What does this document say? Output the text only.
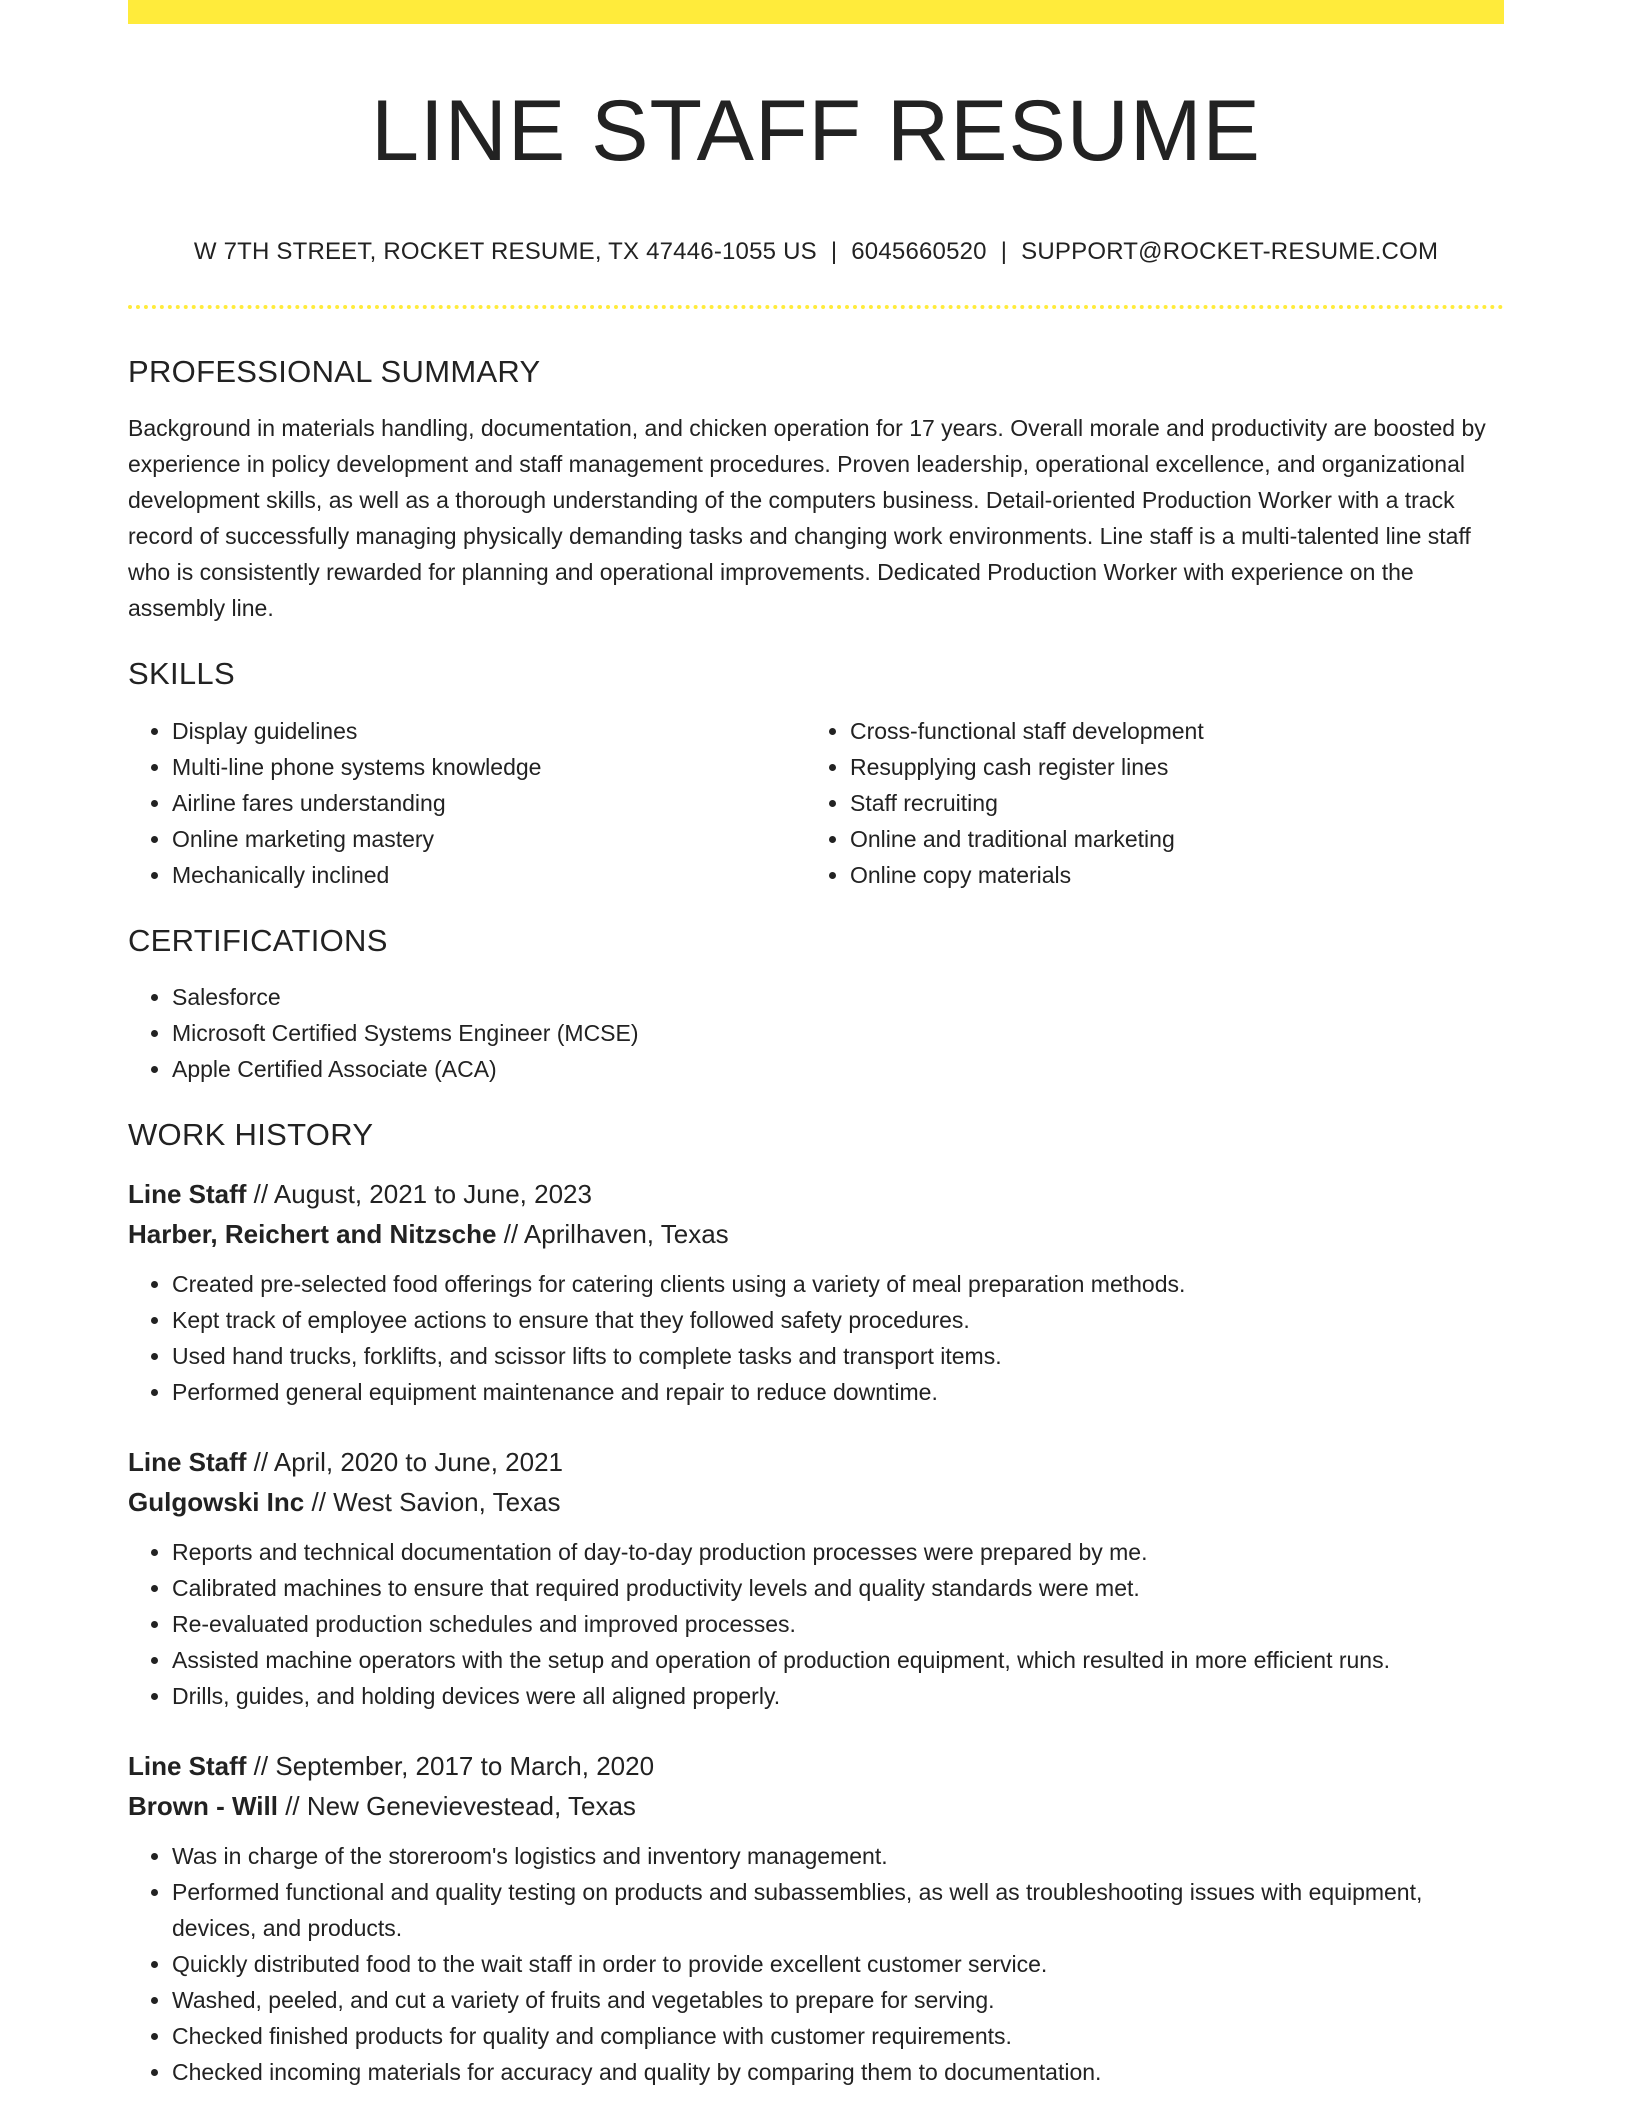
LINE STAFF RESUME
W 7TH STREET, ROCKET RESUME, TX 47446-1055 US | 6045660520 | SUPPORT@ROCKET-RESUME.COM
PROFESSIONAL SUMMARY
Background in materials handling, documentation, and chicken operation for 17 years. Overall morale and productivity are boosted by experience in policy development and staff management procedures. Proven leadership, operational excellence, and organizational development skills, as well as a thorough understanding of the computers business. Detail-oriented Production Worker with a track record of successfully managing physically demanding tasks and changing work environments. Line staff is a multi-talented line staff who is consistently rewarded for planning and operational improvements. Dedicated Production Worker with experience on the assembly line.
SKILLS
• Display guidelines
• Multi-line phone systems knowledge
• Airline fares understanding
• Online marketing mastery
• Mechanically inclined
• Cross-functional staff development
• Resupplying cash register lines
• Staff recruiting
• Online and traditional marketing
• Online copy materials
CERTIFICATIONS
• Salesforce
• Microsoft Certified Systems Engineer (MCSE)
• Apple Certified Associate (ACA)
WORK HISTORY
Line Staff // August, 2021 to June, 2023
Harber, Reichert and Nitzsche // Aprilhaven, Texas
• Created pre-selected food offerings for catering clients using a variety of meal preparation methods.
• Kept track of employee actions to ensure that they followed safety procedures.
• Used hand trucks, forklifts, and scissor lifts to complete tasks and transport items.
• Performed general equipment maintenance and repair to reduce downtime.
Line Staff // April, 2020 to June, 2021
Gulgowski Inc // West Savion, Texas
• Reports and technical documentation of day-to-day production processes were prepared by me.
• Calibrated machines to ensure that required productivity levels and quality standards were met.
• Re-evaluated production schedules and improved processes.
• Assisted machine operators with the setup and operation of production equipment, which resulted in more efficient runs.
• Drills, guides, and holding devices were all aligned properly.
Line Staff // September, 2017 to March, 2020
Brown - Will // New Genevievestead, Texas
• Was in charge of the storeroom's logistics and inventory management.
• Performed functional and quality testing on products and subassemblies, as well as troubleshooting issues with equipment, devices, and products.
• Quickly distributed food to the wait staff in order to provide excellent customer service.
• Washed, peeled, and cut a variety of fruits and vegetables to prepare for serving.
• Checked finished products for quality and compliance with customer requirements.
• Checked incoming materials for accuracy and quality by comparing them to documentation.
